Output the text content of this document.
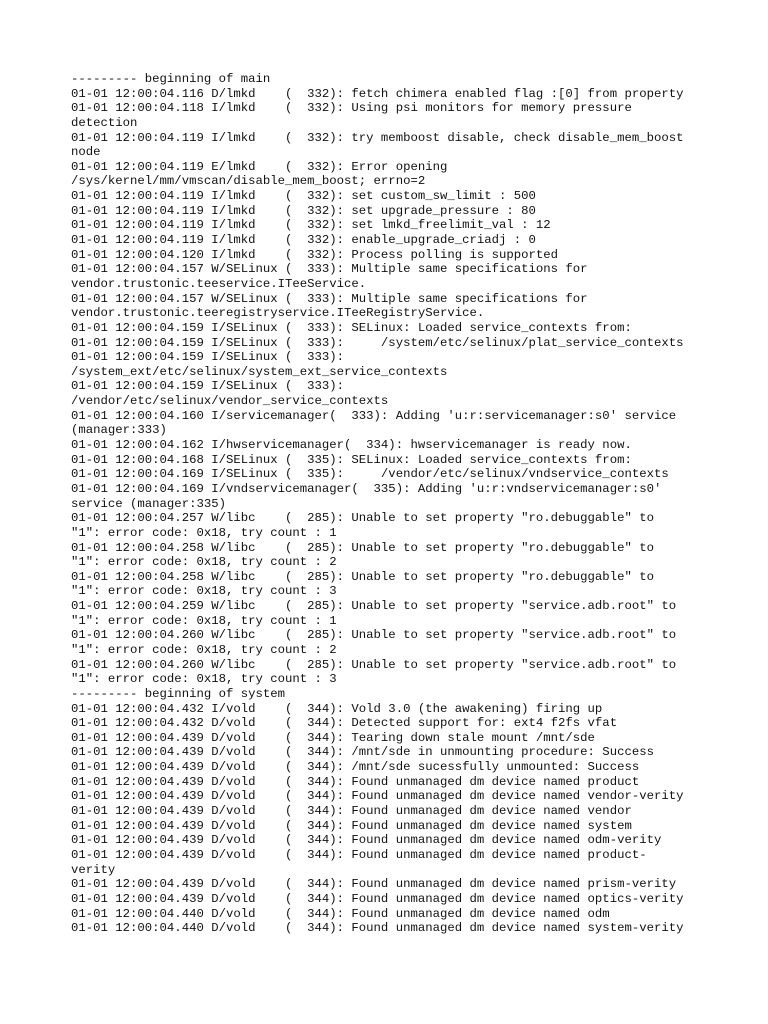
--------- beginning of main
01-01 12:00:04.116 D/lmkd    (  332): fetch chimera enabled flag :[0] from property
01-01 12:00:04.118 I/lmkd    (  332): Using psi monitors for memory pressure
detection
01-01 12:00:04.119 I/lmkd    (  332): try memboost disable, check disable_mem_boost
node
01-01 12:00:04.119 E/lmkd    (  332): Error opening
/sys/kernel/mm/vmscan/disable_mem_boost; errno=2
01-01 12:00:04.119 I/lmkd    (  332): set custom_sw_limit : 500
01-01 12:00:04.119 I/lmkd    (  332): set upgrade_pressure : 80
01-01 12:00:04.119 I/lmkd    (  332): set lmkd_freelimit_val : 12
01-01 12:00:04.119 I/lmkd    (  332): enable_upgrade_criadj : 0
01-01 12:00:04.120 I/lmkd    (  332): Process polling is supported
01-01 12:00:04.157 W/SELinux (  333): Multiple same specifications for
vendor.trustonic.teeservice.ITeeService.
01-01 12:00:04.157 W/SELinux (  333): Multiple same specifications for
vendor.trustonic.teeregistryservice.ITeeRegistryService.
01-01 12:00:04.159 I/SELinux (  333): SELinux: Loaded service_contexts from:
01-01 12:00:04.159 I/SELinux (  333):     /system/etc/selinux/plat_service_contexts
01-01 12:00:04.159 I/SELinux (  333):
/system_ext/etc/selinux/system_ext_service_contexts
01-01 12:00:04.159 I/SELinux (  333):
/vendor/etc/selinux/vendor_service_contexts
01-01 12:00:04.160 I/servicemanager(  333): Adding 'u:r:servicemanager:s0' service
(manager:333)
01-01 12:00:04.162 I/hwservicemanager(  334): hwservicemanager is ready now.
01-01 12:00:04.168 I/SELinux (  335): SELinux: Loaded service_contexts from:
01-01 12:00:04.169 I/SELinux (  335):     /vendor/etc/selinux/vndservice_contexts
01-01 12:00:04.169 I/vndservicemanager(  335): Adding 'u:r:vndservicemanager:s0'
service (manager:335)
01-01 12:00:04.257 W/libc    (  285): Unable to set property "ro.debuggable" to
"1": error code: 0x18, try count : 1
01-01 12:00:04.258 W/libc    (  285): Unable to set property "ro.debuggable" to
"1": error code: 0x18, try count : 2
01-01 12:00:04.258 W/libc    (  285): Unable to set property "ro.debuggable" to
"1": error code: 0x18, try count : 3
01-01 12:00:04.259 W/libc    (  285): Unable to set property "service.adb.root" to
"1": error code: 0x18, try count : 1
01-01 12:00:04.260 W/libc    (  285): Unable to set property "service.adb.root" to
"1": error code: 0x18, try count : 2
01-01 12:00:04.260 W/libc    (  285): Unable to set property "service.adb.root" to
"1": error code: 0x18, try count : 3
--------- beginning of system
01-01 12:00:04.432 I/vold    (  344): Vold 3.0 (the awakening) firing up
01-01 12:00:04.432 D/vold    (  344): Detected support for: ext4 f2fs vfat
01-01 12:00:04.439 D/vold    (  344): Tearing down stale mount /mnt/sde
01-01 12:00:04.439 D/vold    (  344): /mnt/sde in unmounting procedure: Success
01-01 12:00:04.439 D/vold    (  344): /mnt/sde sucessfully unmounted: Success
01-01 12:00:04.439 D/vold    (  344): Found unmanaged dm device named product
01-01 12:00:04.439 D/vold    (  344): Found unmanaged dm device named vendor-verity
01-01 12:00:04.439 D/vold    (  344): Found unmanaged dm device named vendor
01-01 12:00:04.439 D/vold    (  344): Found unmanaged dm device named system
01-01 12:00:04.439 D/vold    (  344): Found unmanaged dm device named odm-verity
01-01 12:00:04.439 D/vold    (  344): Found unmanaged dm device named product-
verity
01-01 12:00:04.439 D/vold    (  344): Found unmanaged dm device named prism-verity
01-01 12:00:04.439 D/vold    (  344): Found unmanaged dm device named optics-verity
01-01 12:00:04.440 D/vold    (  344): Found unmanaged dm device named odm
01-01 12:00:04.440 D/vold    (  344): Found unmanaged dm device named system-verity
